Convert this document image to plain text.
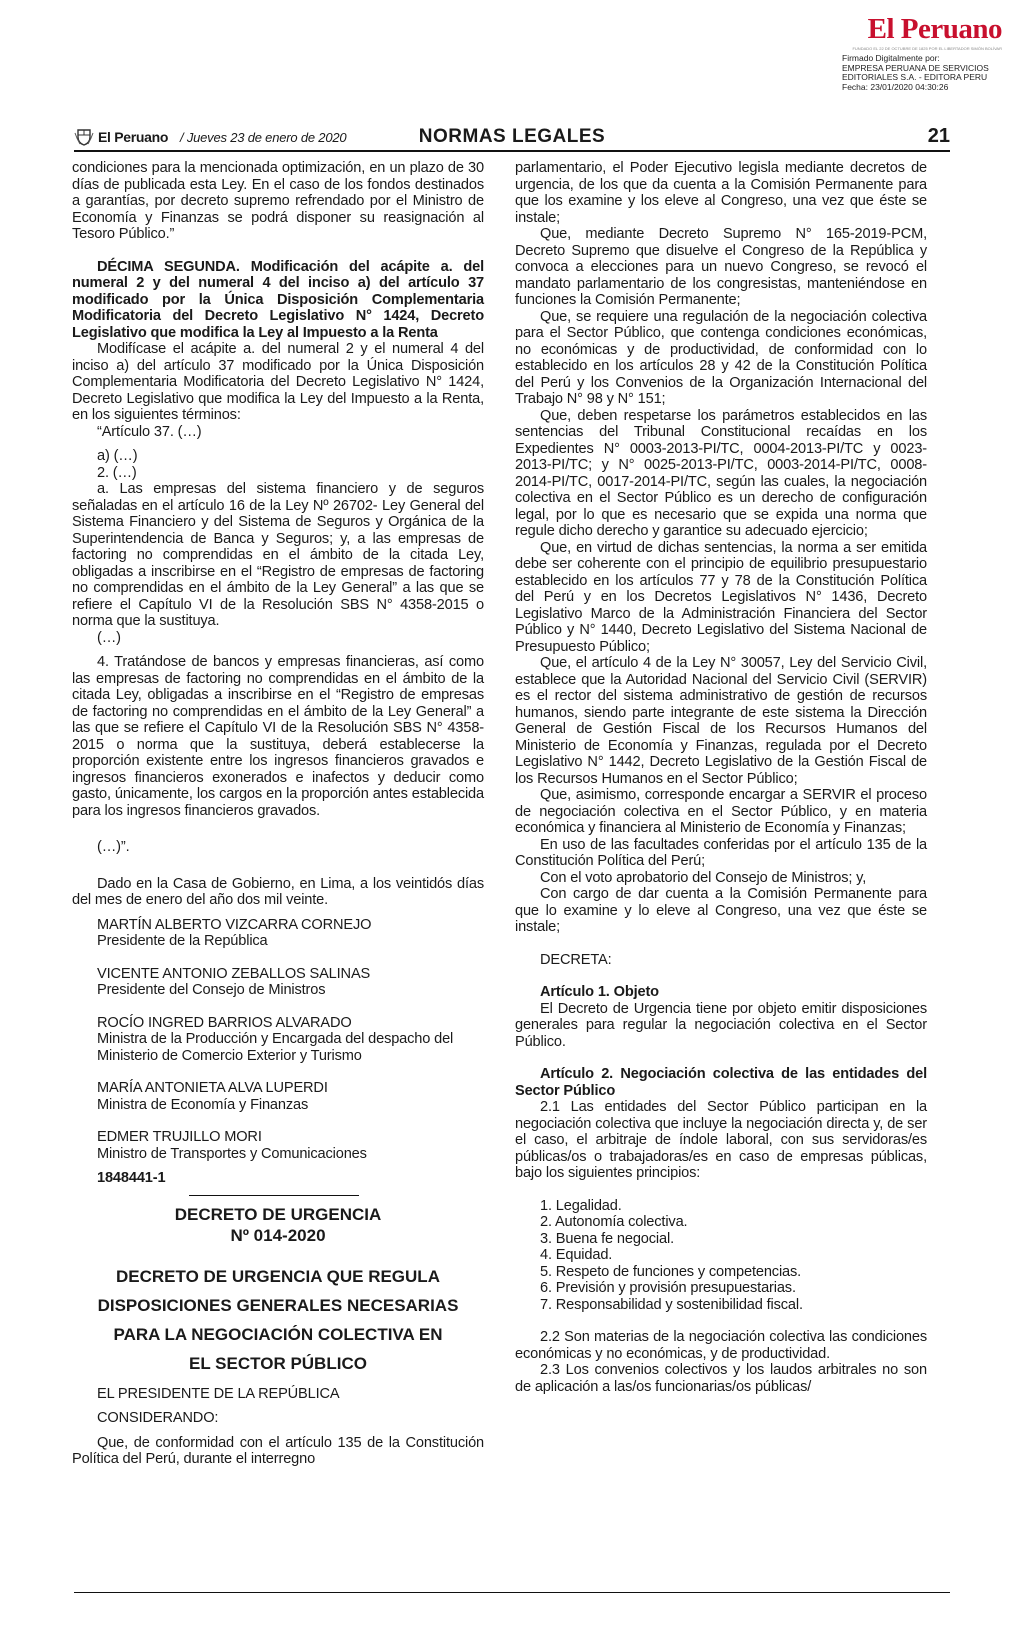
El Peruano
FUNDADO EL 22 DE OCTUBRE DE 1825 POR EL LIBERTADOR SIMÓN BOLÍVAR
Firmado Digitalmente por:
EMPRESA PERUANA DE SERVICIOS
EDITORIALES S.A. - EDITORA PERU
Fecha: 23/01/2020 04:30:26
El Peruano / Jueves 23 de enero de 2020	NORMAS LEGALES	21

condiciones para la mencionada optimización, en un plazo de 30 días de publicada esta Ley. En el caso de los fondos destinados a garantías, por decreto supremo refrendado por el Ministro de Economía y Finanzas se podrá disponer su reasignación al Tesoro Público.”

DÉCIMA SEGUNDA. Modificación del acápite a. del numeral 2 y del numeral 4 del inciso a) del artículo 37 modificado por la Única Disposición Complementaria Modificatoria del Decreto Legislativo N° 1424, Decreto Legislativo que modifica la Ley al Impuesto a la Renta

Modifícase el acápite a. del numeral 2 y el numeral 4 del inciso a) del artículo 37 modificado por la Única Disposición Complementaria Modificatoria del Decreto Legislativo N° 1424, Decreto Legislativo que modifica la Ley del Impuesto a la Renta, en los siguientes términos:

“Artículo 37. (…)

a) (…)

2. (…)

a. Las empresas del sistema financiero y de seguros señaladas en el artículo 16 de la Ley Nº 26702- Ley General del Sistema Financiero y del Sistema de Seguros y Orgánica de la Superintendencia de Banca y Seguros; y, a las empresas de factoring no comprendidas en el ámbito de la citada Ley, obligadas a inscribirse en el “Registro de empresas de factoring no comprendidas en el ámbito de la Ley General” a las que se refiere el Capítulo VI de la Resolución SBS N° 4358-2015 o norma que la sustituya.

(…)

4. Tratándose de bancos y empresas financieras, así como las empresas de factoring no comprendidas en el ámbito de la citada Ley, obligadas a inscribirse en el “Registro de empresas de factoring no comprendidas en el ámbito de la Ley General” a las que se refiere el Capítulo VI de la Resolución SBS N° 4358-2015 o norma que la sustituya, deberá establecerse la proporción existente entre los ingresos financieros gravados e ingresos financieros exonerados e inafectos y deducir como gasto, únicamente, los cargos en la proporción antes establecida para los ingresos financieros gravados.

(…)”.

Dado en la Casa de Gobierno, en Lima, a los veintidós días del mes de enero del año dos mil veinte.

MARTÍN ALBERTO VIZCARRA CORNEJO
Presidente de la República
VICENTE ANTONIO ZEBALLOS SALINAS
Presidente del Consejo de Ministros
ROCÍO INGRED BARRIOS ALVARADO
Ministra de la Producción y Encargada del despacho del Ministerio de Comercio Exterior y Turismo
MARÍA ANTONIETA ALVA LUPERDI
Ministra de Economía y Finanzas
EDMER TRUJILLO MORI
Ministro de Transportes y Comunicaciones

1848441-1

DECRETO DE URGENCIA

Nº 014-2020

DECRETO DE URGENCIA QUE REGULA

DISPOSICIONES GENERALES NECESARIAS

PARA LA NEGOCIACIÓN COLECTIVA EN

EL SECTOR PÚBLICO

EL PRESIDENTE DE LA REPÚBLICA

CONSIDERANDO:

Que, de conformidad con el artículo 135 de la Constitución Política del Perú, durante el interregno

parlamentario, el Poder Ejecutivo legisla mediante decretos de urgencia, de los que da cuenta a la Comisión Permanente para que los examine y los eleve al Congreso, una vez que éste se instale;

Que, mediante Decreto Supremo N° 165-2019-PCM, Decreto Supremo que disuelve el Congreso de la República y convoca a elecciones para un nuevo Congreso, se revocó el mandato parlamentario de los congresistas, manteniéndose en funciones la Comisión Permanente;

Que, se requiere una regulación de la negociación colectiva para el Sector Público, que contenga condiciones económicas, no económicas y de productividad, de conformidad con lo establecido en los artículos 28 y 42 de la Constitución Política del Perú y los Convenios de la Organización Internacional del Trabajo N° 98 y N° 151;

Que, deben respetarse los parámetros establecidos en las sentencias del Tribunal Constitucional recaídas en los Expedientes N° 0003-2013-PI/TC, 0004-2013-PI/TC y 0023-2013-PI/TC; y N° 0025-2013-PI/TC, 0003-2014-PI/TC, 0008-2014-PI/TC, 0017-2014-PI/TC, según las cuales, la negociación colectiva en el Sector Público es un derecho de configuración legal, por lo que es necesario que se expida una norma que regule dicho derecho y garantice su adecuado ejercicio;

Que, en virtud de dichas sentencias, la norma a ser emitida debe ser coherente con el principio de equilibrio presupuestario establecido en los artículos 77 y 78 de la Constitución Política del Perú y en los Decretos Legislativos N° 1436, Decreto Legislativo Marco de la Administración Financiera del Sector Público y N° 1440, Decreto Legislativo del Sistema Nacional de Presupuesto Público;

Que, el artículo 4 de la Ley N° 30057, Ley del Servicio Civil, establece que la Autoridad Nacional del Servicio Civil (SERVIR) es el rector del sistema administrativo de gestión de recursos humanos, siendo parte integrante de este sistema la Dirección General de Gestión Fiscal de los Recursos Humanos del Ministerio de Economía y Finanzas, regulada por el Decreto Legislativo N° 1442, Decreto Legislativo de la Gestión Fiscal de los Recursos Humanos en el Sector Público;

Que, asimismo, corresponde encargar a SERVIR el proceso de negociación colectiva en el Sector Público, y en materia económica y financiera al Ministerio de Economía y Finanzas;

En uso de las facultades conferidas por el artículo 135 de la Constitución Política del Perú;

Con el voto aprobatorio del Consejo de Ministros; y,

Con cargo de dar cuenta a la Comisión Permanente para que lo examine y lo eleve al Congreso, una vez que éste se instale;

DECRETA:

Artículo 1. Objeto

El Decreto de Urgencia tiene por objeto emitir disposiciones generales para regular la negociación colectiva en el Sector Público.

Artículo 2. Negociación colectiva de las entidades del Sector Público

2.1 Las entidades del Sector Público participan en la negociación colectiva que incluye la negociación directa y, de ser el caso, el arbitraje de índole laboral, con sus servidoras/es públicas/os o trabajadoras/es en caso de empresas públicas, bajo los siguientes principios:

1. Legalidad.
2. Autonomía colectiva.
3. Buena fe negocial.
4. Equidad.
5. Respeto de funciones y competencias.
6. Previsión y provisión presupuestarias.
7. Responsabilidad y sostenibilidad fiscal.

2.2 Son materias de la negociación colectiva las condiciones económicas y no económicas, y de productividad.

2.3 Los convenios colectivos y los laudos arbitrales no son de aplicación a las/os funcionarias/os públicas/
